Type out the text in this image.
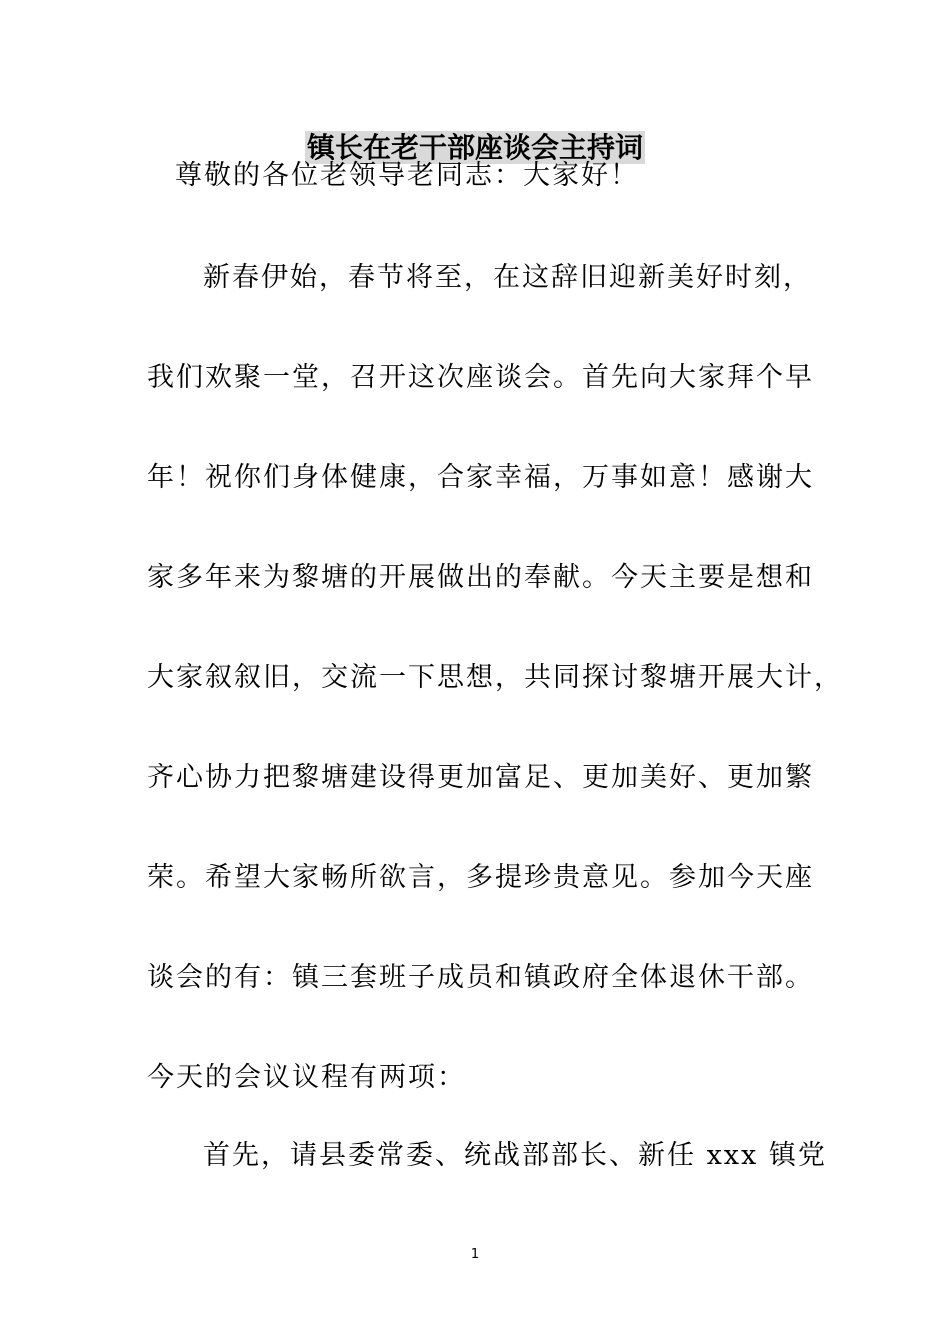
镇长在老干部座谈会主持词
尊敬的各位老领导老同志：大家好！
新春伊始，春节将至，在这辞旧迎新美好时刻，
我们欢聚一堂，召开这次座谈会。首先向大家拜个早
年！祝你们身体健康，合家幸福，万事如意！感谢大
家多年来为黎塘的开展做出的奉献。今天主要是想和
大家叙叙旧，交流一下思想，共同探讨黎塘开展大计，
齐心协力把黎塘建设得更加富足、更加美好、更加繁
荣。希望大家畅所欲言，多提珍贵意见。参加今天座
谈会的有：镇三套班子成员和镇政府全体退休干部。
今天的会议议程有两项：
首先，请县委常委、统战部部长、新任 xxx 镇党
1
